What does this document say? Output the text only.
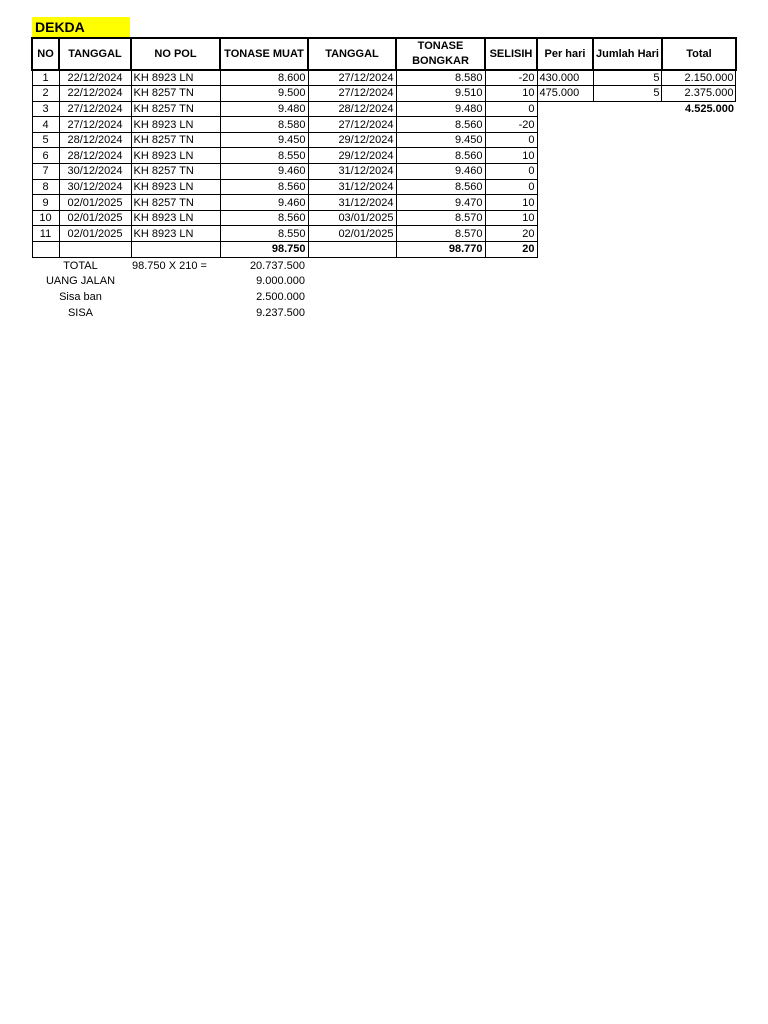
DEKDA
NO	TANGGAL	NO POL	TONASE MUAT	TANGGAL	TONASE BONGKAR	SELISIH	Per hari	Jumlah Hari	Total
1	22/12/2024	KH 8923 LN	8.600	27/12/2024	8.580	-20	430.000	5	2.150.000
2	22/12/2024	KH 8257 TN	9.500	27/12/2024	9.510	10	475.000	5	2.375.000
3	27/12/2024	KH 8257 TN	9.480	28/12/2024	9.480	0			4.525.000
4	27/12/2024	KH 8923 LN	8.580	27/12/2024	8.560	-20			
5	28/12/2024	KH 8257 TN	9.450	29/12/2024	9.450	0			
6	28/12/2024	KH 8923 LN	8.550	29/12/2024	8.560	10			
7	30/12/2024	KH 8257 TN	9.460	31/12/2024	9.460	0			
8	30/12/2024	KH 8923 LN	8.560	31/12/2024	8.560	0			
9	02/01/2025	KH 8257 TN	9.460	31/12/2024	9.470	10			
10	02/01/2025	KH 8923 LN	8.560	03/01/2025	8.570	10			
11	02/01/2025	KH 8923 LN	8.550	02/01/2025	8.570	20			
			98.750		98.770	20			
TOTAL	98.750 X 210 =	20.737.500
UANG JALAN		9.000.000
Sisa ban		2.500.000
SISA		9.237.500
